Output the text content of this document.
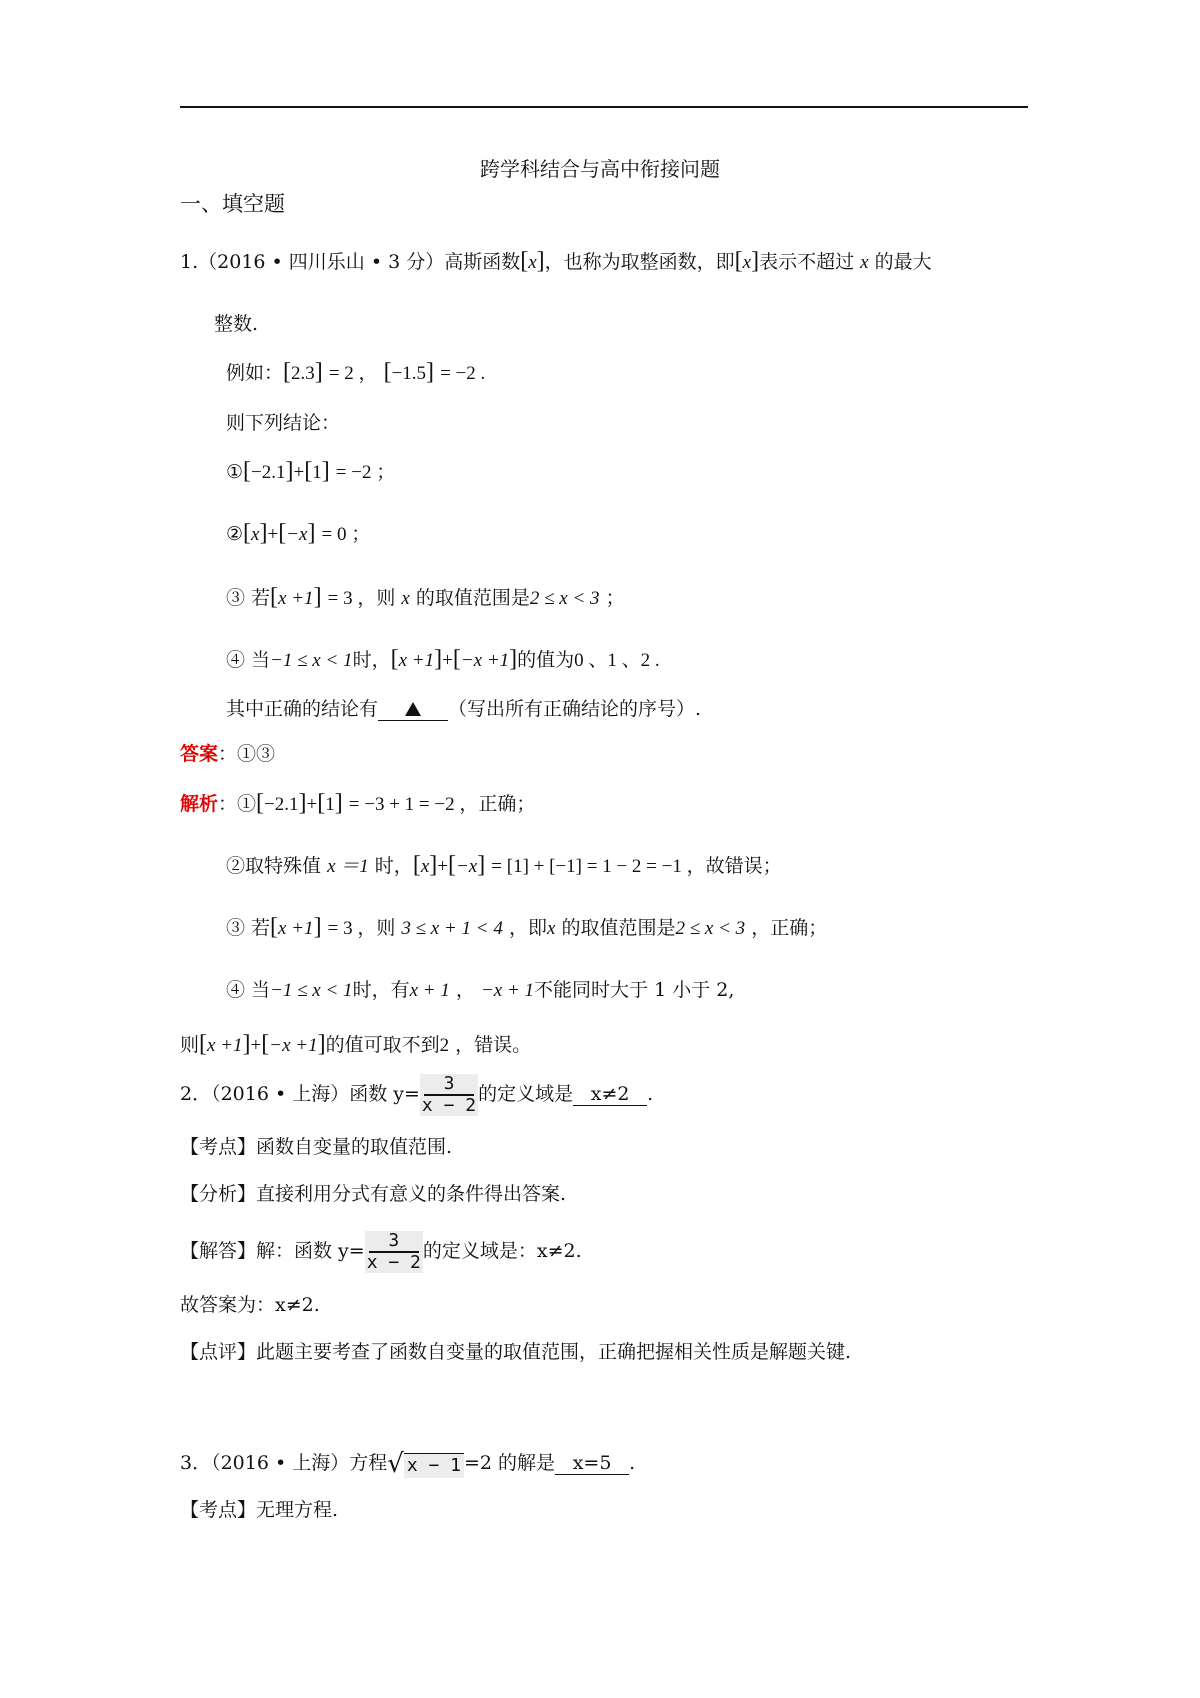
跨学科结合与高中衔接问题
一、填空题
1.（2016 • 四川乐山 • 3 分）高斯函数[x]，也称为取整函数，即[x]表示不超过 x 的最大
整数.
例如：[2.3] = 2 ， [−1.5] = −2 .
则下列结论：
①[−2.1]+[1] = −2 ；
②[x]+[−x] = 0 ；
③ 若[x +1] = 3 ，则 x 的取值范围是2 ≤ x < 3 ；
④ 当−1 ≤ x < 1时，[x +1]+[−x +1]的值为0 、1 、2 .
其中正确的结论有	（写出所有正确结论的序号）.
答案：①③
解析：①[−2.1]+[1] = −3 + 1 = −2 ，正确；
②取特殊值 x ＝1 时，[x]+[−x] = [1] + [−1] = 1 − 2 = −1 ，故错误；
③ 若[x +1] = 3 ，则 3 ≤ x + 1 < 4 ，即x 的取值范围是2 ≤ x < 3 ，正确；
④ 当−1 ≤ x < 1时，有x + 1 ， −x + 1不能同时大于 1 小于 2,
则[x +1]+[−x +1]的值可取不到2 ，错误。
2．（2016 • 上海）函数 $y= \frac{3}{x - 2}$ 的定义域是 x≠2 .
【考点】函数自变量的取值范围.
【分析】直接利用分式有意义的条件得出答案.
【解答】解：函数 $y= \frac{3}{x - 2}$ 的定义域是：x≠2.
故答案为：x≠2.
【点评】此题主要考查了函数自变量的取值范围，正确把握相关性质是解题关键.
3．（2016 • 上海）方程 √ x − 1 =2 的解是 x=5 .
【考点】无理方程.
